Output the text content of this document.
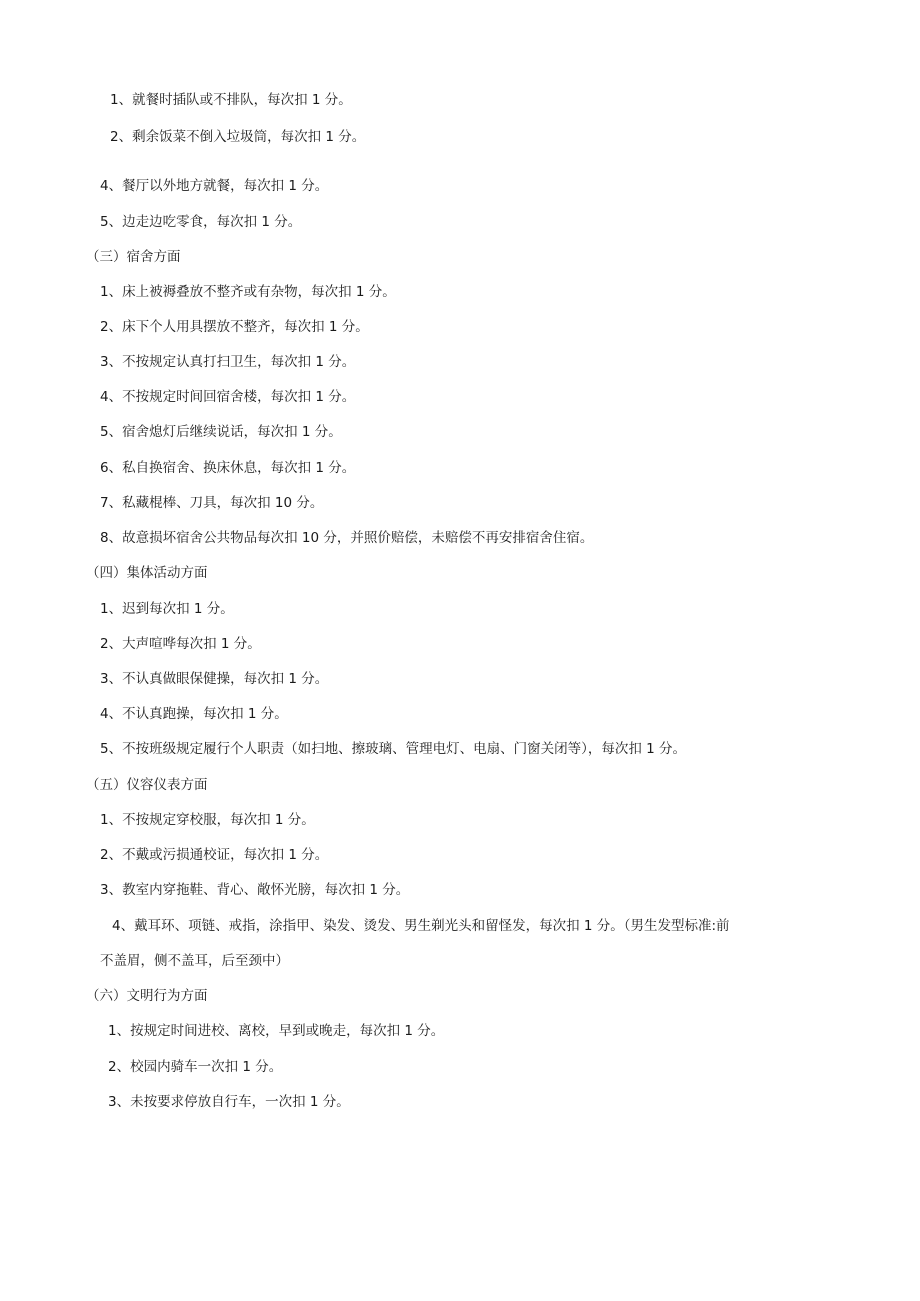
1、就餐时插队或不排队，每次扣 1 分。
2、剩余饭菜不倒入垃圾筒，每次扣 1 分。
4、餐厅以外地方就餐，每次扣 1 分。
5、边走边吃零食，每次扣 1 分。
（三）宿舍方面
1、床上被褥叠放不整齐或有杂物，每次扣 1 分。
2、床下个人用具摆放不整齐，每次扣 1 分。
3、不按规定认真打扫卫生，每次扣 1 分。
4、不按规定时间回宿舍楼，每次扣 1 分。
5、宿舍熄灯后继续说话，每次扣 1 分。
6、私自换宿舍、换床休息，每次扣 1 分。
7、私藏棍棒、刀具，每次扣 10 分。
8、故意损坏宿舍公共物品每次扣 10 分，并照价赔偿，未赔偿不再安排宿舍住宿。
（四）集体活动方面
1、迟到每次扣 1 分。
2、大声喧哗每次扣 1 分。
3、不认真做眼保健操，每次扣 1 分。
4、不认真跑操，每次扣 1 分。
5、不按班级规定履行个人职责（如扫地、擦玻璃、管理电灯、电扇、门窗关闭等），每次扣 1 分。
（五）仪容仪表方面
1、不按规定穿校服，每次扣 1 分。
2、不戴或污损通校证，每次扣 1 分。
3、教室内穿拖鞋、背心、敞怀光膀，每次扣 1 分。
4、戴耳环、项链、戒指，涂指甲、染发、烫发、男生剃光头和留怪发，每次扣 1 分。（男生发型标准:前
不盖眉，侧不盖耳，后至颈中）
（六）文明行为方面
1、按规定时间进校、离校，早到或晚走，每次扣 1 分。
2、校园内骑车一次扣 1 分。
3、未按要求停放自行车，一次扣 1 分。
